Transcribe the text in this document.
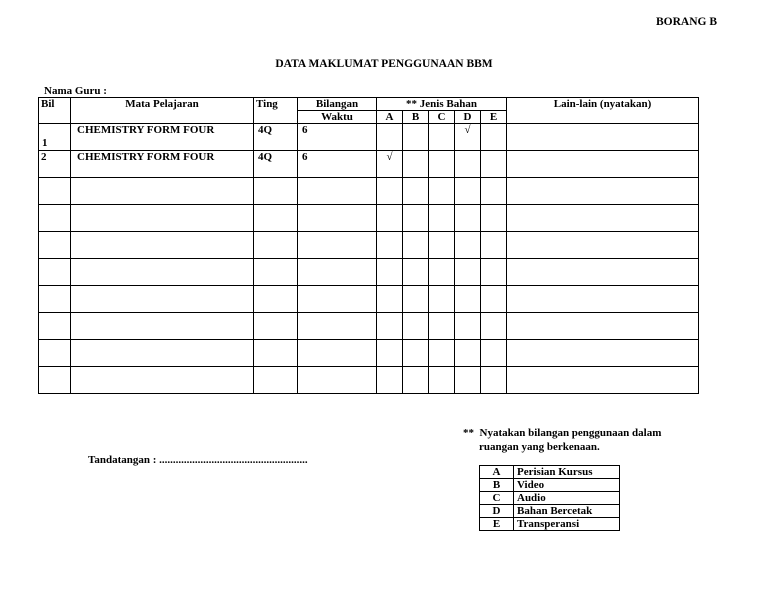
BORANG B
DATA MAKLUMAT PENGGUNAAN BBM
Nama Guru :
Bil	Mata Pelajaran	Ting	Bilangan	** Jenis Bahan					Lain-lain (nyatakan)
			Waktu	A	B	C	D	E	

1	CHEMISTRY FORM FOUR	4Q	6				√		
2	CHEMISTRY FORM FOUR	4Q	6	√					

** Nyatakan bilangan penggunaan dalam
ruangan yang berkenaan.
Tandatangan : ......................................................
A	Perisian Kursus
B	Video
C	Audio
D	Bahan Bercetak
E	Transperansi
